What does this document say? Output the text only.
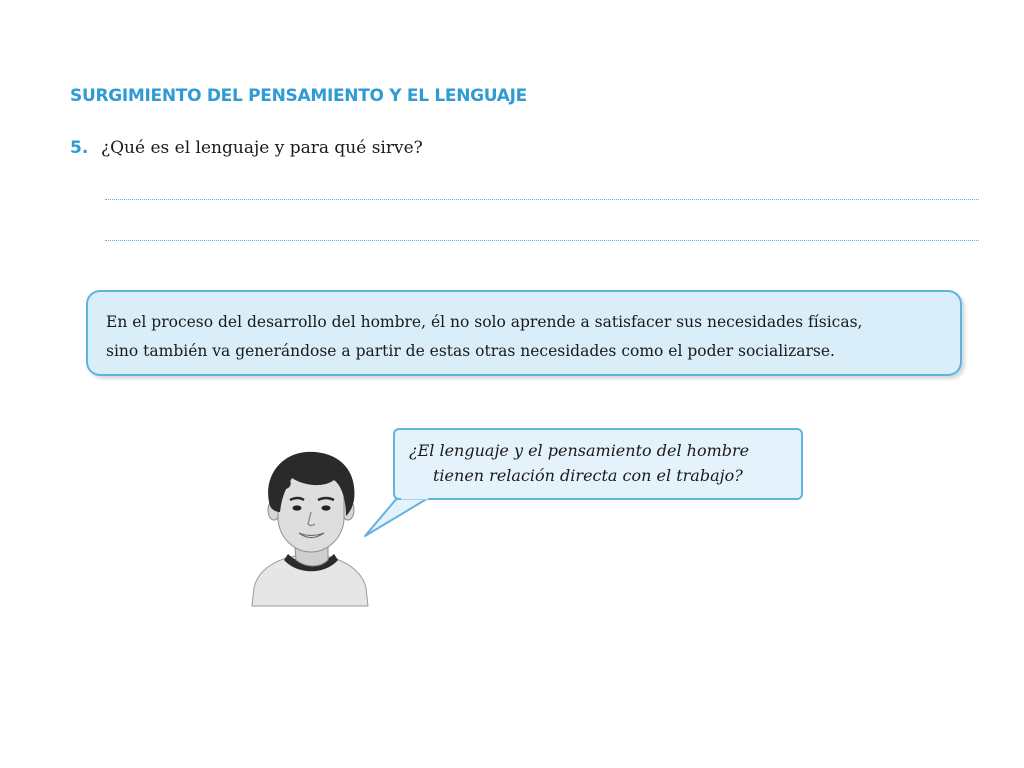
SURGIMIENTO DEL PENSAMIENTO Y EL LENGUAJE
5. ¿Qué es el lenguaje y para qué sirve?
En el proceso del desarrollo del hombre, él no solo aprende a satisfacer sus necesidades físicas,
sino también va generándose a partir de estas otras necesidades como el poder socializarse.
¿El lenguaje y el pensamiento del hombre
tienen relación directa con el trabajo?
